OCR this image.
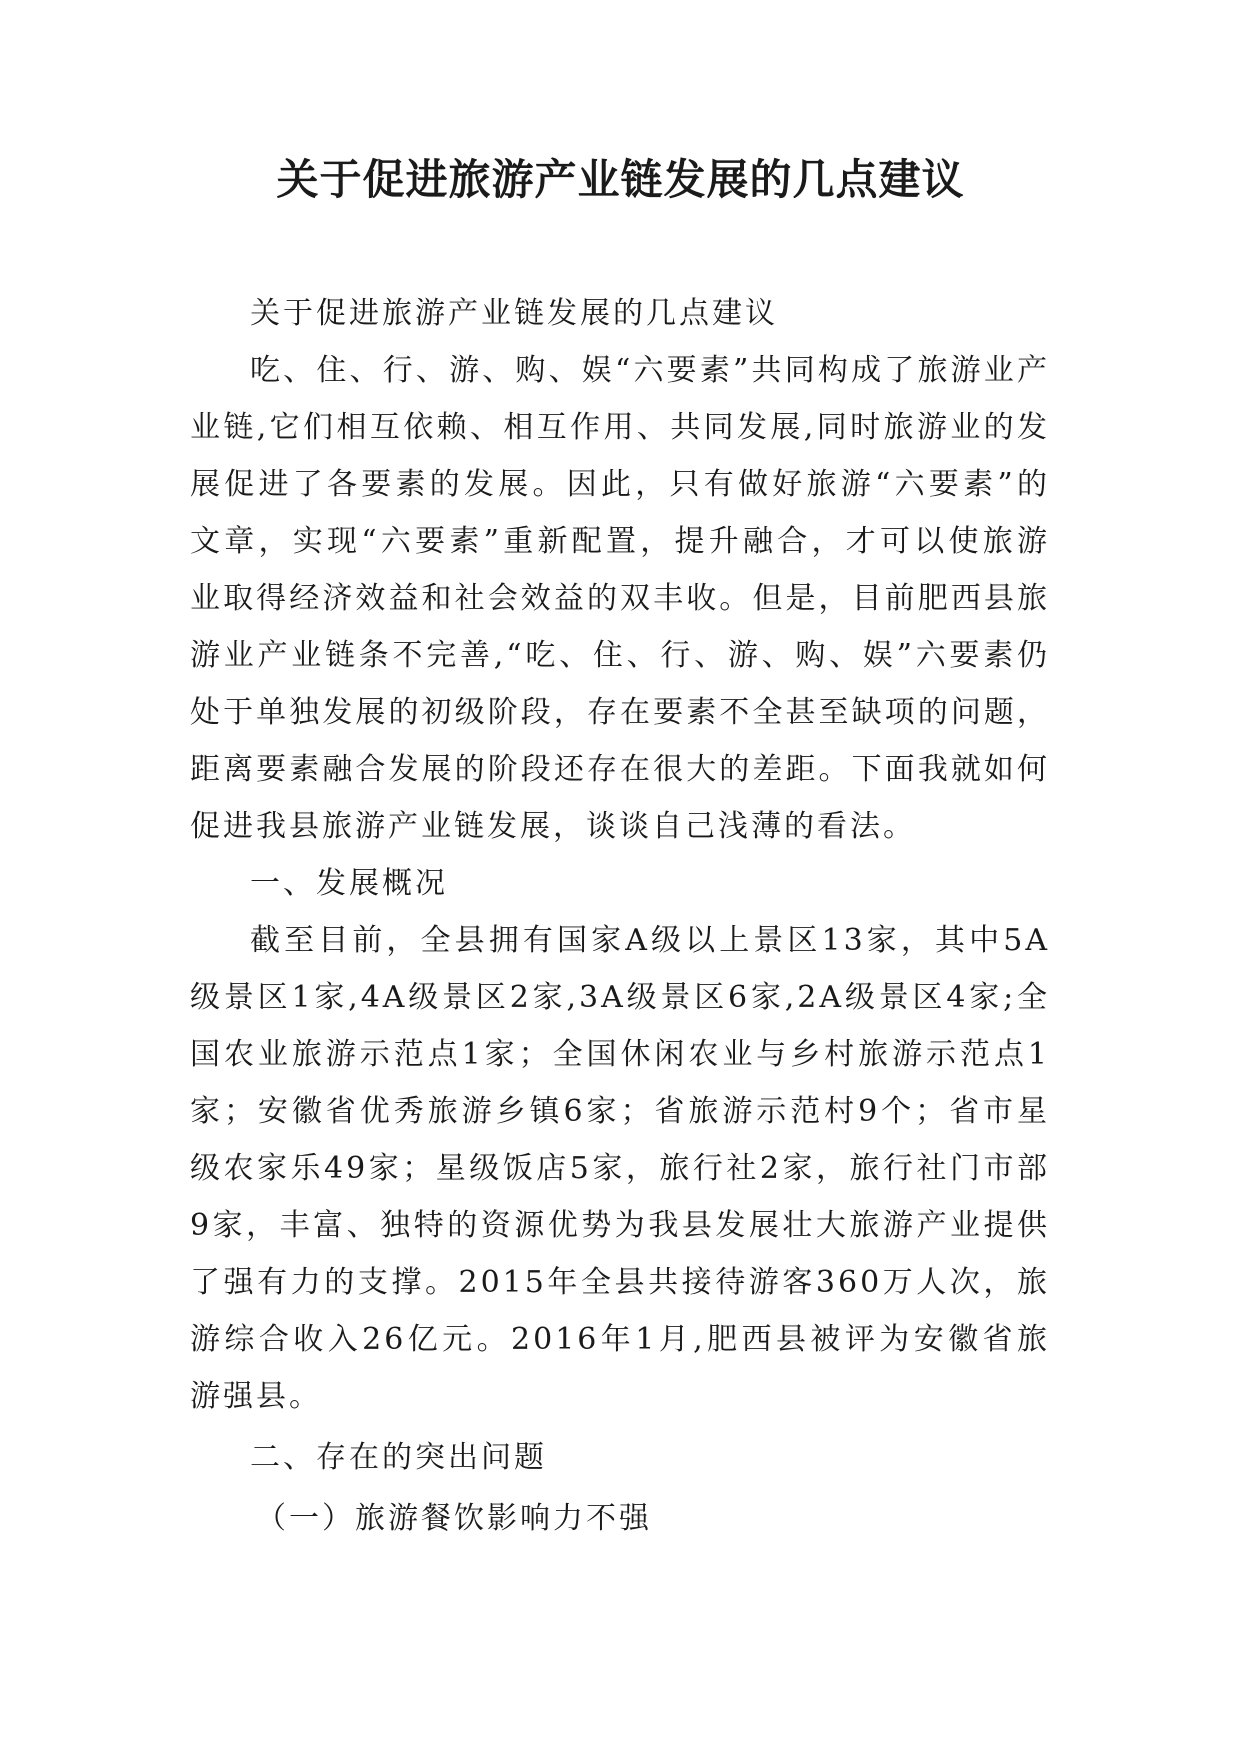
关于促进旅游产业链发展的几点建议

关于促进旅游产业链发展的几点建议

吃、住、行、游、购、娱“六要素”共同构成了旅游业产业链,它们相互依赖、相互作用、共同发展,同时旅游业的发展促进了各要素的发展。因此，只有做好旅游“六要素”的文章，实现“六要素”重新配置，提升融合，才可以使旅游业取得经济效益和社会效益的双丰收。但是，目前肥西县旅游业产业链条不完善,“吃、住、行、游、购、娱”六要素仍处于单独发展的初级阶段，存在要素不全甚至缺项的问题，距离要素融合发展的阶段还存在很大的差距。下面我就如何促进我县旅游产业链发展，谈谈自己浅薄的看法。

一、发展概况

截至目前，全县拥有国家A级以上景区13家，其中5A级景区1家,4A级景区2家,3A级景区6家,2A级景区4家;全国农业旅游示范点1家；全国休闲农业与乡村旅游示范点1家；安徽省优秀旅游乡镇6家；省旅游示范村9个；省市星级农家乐49家；星级饭店5家，旅行社2家，旅行社门市部9家，丰富、独特的资源优势为我县发展壮大旅游产业提供了强有力的支撑。2015年全县共接待游客360万人次，旅游综合收入26亿元。2016年1月,肥西县被评为安徽省旅游强县。

二、存在的突出问题

（一）旅游餐饮影响力不强
